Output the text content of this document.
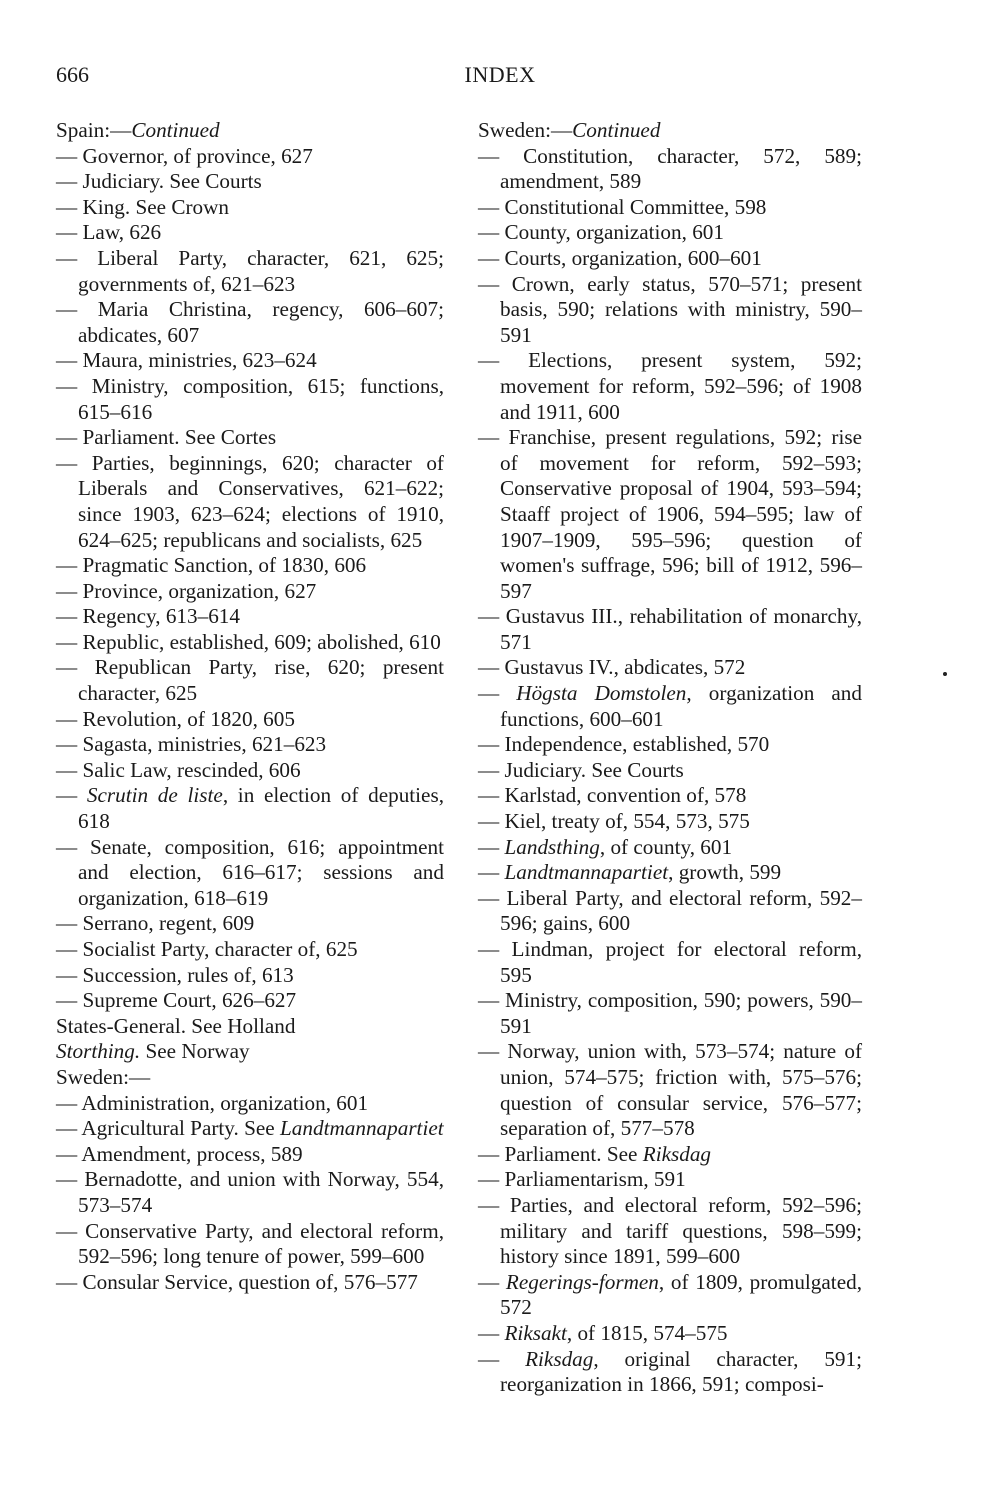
666	INDEX
Spain:—Continued
— Governor, of province, 627
— Judiciary. See Courts
— King. See Crown
— Law, 626
— Liberal Party, character, 621, 625; governments of, 621–623
— Maria Christina, regency, 606–607; abdicates, 607
— Maura, ministries, 623–624
— Ministry, composition, 615; functions, 615–616
— Parliament. See Cortes
— Parties, beginnings, 620; character of Liberals and Conservatives, 621–622; since 1903, 623–624; elections of 1910, 624–625; republicans and socialists, 625
— Pragmatic Sanction, of 1830, 606
— Province, organization, 627
— Regency, 613–614
— Republic, established, 609; abolished, 610
— Republican Party, rise, 620; present character, 625
— Revolution, of 1820, 605
— Sagasta, ministries, 621–623
— Salic Law, rescinded, 606
— Scrutin de liste, in election of deputies, 618
— Senate, composition, 616; appointment and election, 616–617; sessions and organization, 618–619
— Serrano, regent, 609
— Socialist Party, character of, 625
— Succession, rules of, 613
— Supreme Court, 626–627
States-General. See Holland
Storthing. See Norway
Sweden:—
— Administration, organization, 601
— Agricultural Party. See Landtmannapartiet
— Amendment, process, 589
— Bernadotte, and union with Norway, 554, 573–574
— Conservative Party, and electoral reform, 592–596; long tenure of power, 599–600
— Consular Service, question of, 576–577
Sweden:—Continued
— Constitution, character, 572, 589; amendment, 589
— Constitutional Committee, 598
— County, organization, 601
— Courts, organization, 600–601
— Crown, early status, 570–571; present basis, 590; relations with ministry, 590–591
— Elections, present system, 592; movement for reform, 592–596; of 1908 and 1911, 600
— Franchise, present regulations, 592; rise of movement for reform, 592–593; Conservative proposal of 1904, 593–594; Staaff project of 1906, 594–595; law of 1907–1909, 595–596; question of women's suffrage, 596; bill of 1912, 596–597
— Gustavus III., rehabilitation of monarchy, 571
— Gustavus IV., abdicates, 572
— Högsta Domstolen, organization and functions, 600–601
— Independence, established, 570
— Judiciary. See Courts
— Karlstad, convention of, 578
— Kiel, treaty of, 554, 573, 575
— Landsthing, of county, 601
— Landtmannapartiet, growth, 599
— Liberal Party, and electoral reform, 592–596; gains, 600
— Lindman, project for electoral reform, 595
— Ministry, composition, 590; powers, 590–591
— Norway, union with, 573–574; nature of union, 574–575; friction with, 575–576; question of consular service, 576–577; separation of, 577–578
— Parliament. See Riksdag
— Parliamentarism, 591
— Parties, and electoral reform, 592–596; military and tariff questions, 598–599; history since 1891, 599–600
— Regerings-formen, of 1809, promulgated, 572
— Riksakt, of 1815, 574–575
— Riksdag, original character, 591; reorganization in 1866, 591; composi-
